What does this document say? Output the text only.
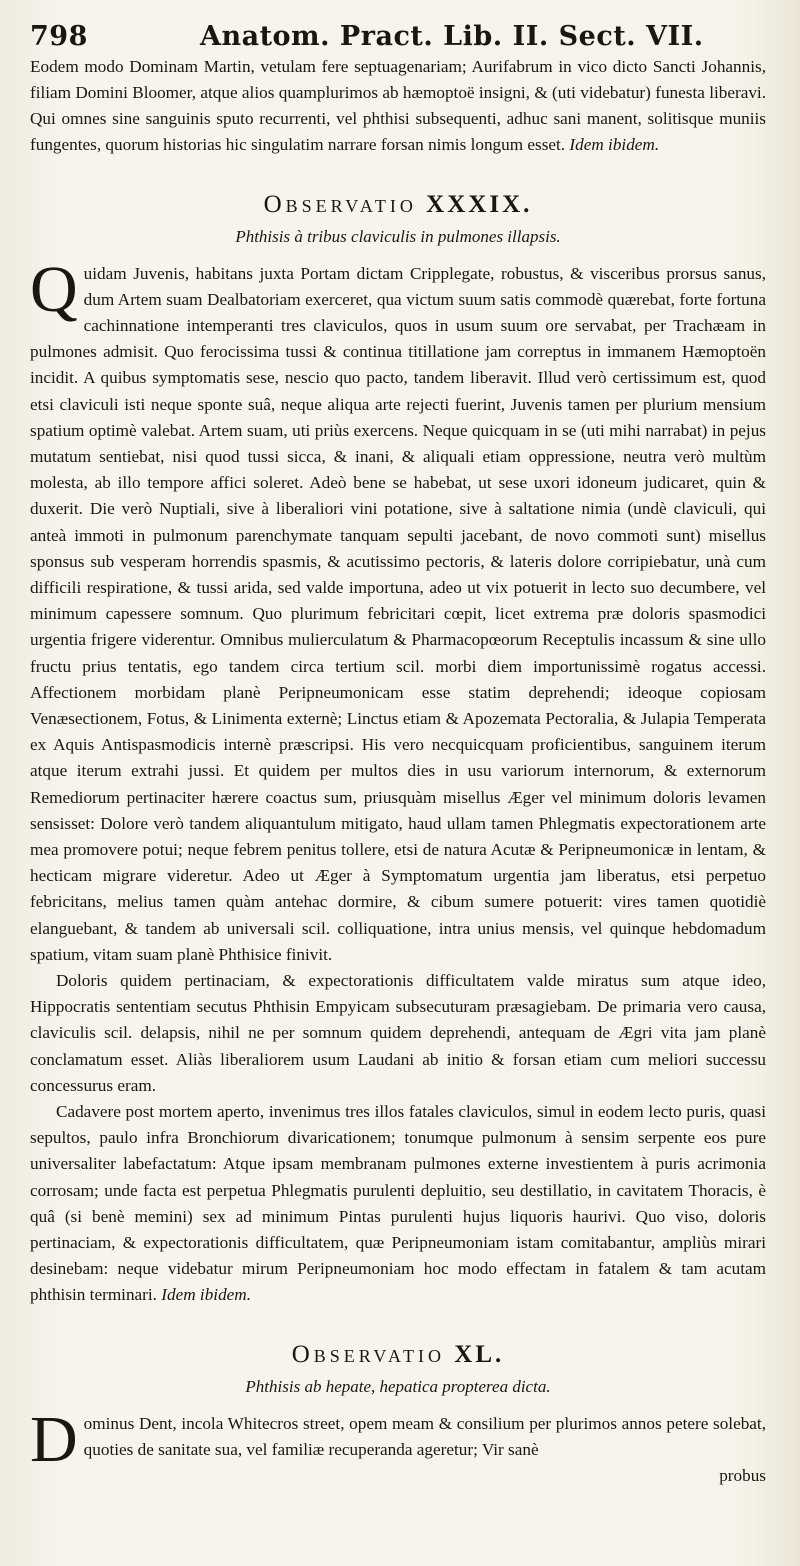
798	Anatom. Pract. Lib. II. Sect. VII.

Eodem modo Dominam Martin, vetulam fere septuagenariam; Aurifabrum in vico dicto Sancti Johannis, filiam Domini Bloomer, atque alios quamplurimos ab hæmoptoë insigni, & (uti videbatur) funesta liberavi. Qui omnes sine sanguinis sputo recurrenti, vel phthisi subsequenti, adhuc sani manent, solitisque muniis fungentes, quorum historias hic singulatim narrare forsan nimis longum esset. Idem ibidem.

Observatio XXXIX.
Phthisis à tribus claviculis in pulmones illapsis.

Quidam Juvenis, habitans juxta Portam dictam Cripplegate, robustus, & visceribus prorsus sanus, dum Artem suam Dealbatoriam exerceret, qua victum suum satis commodè quærebat, forte fortuna cachinnatione intemperanti tres claviculos, quos in usum suum ore servabat, per Trachæam in pulmones admisit. Quo ferocissima tussi & continua titillatione jam correptus in immanem Hæmoptoën incidit. A quibus symptomatis sese, nescio quo pacto, tandem liberavit. Illud verò certissimum est, quod etsi claviculi isti neque sponte suâ, neque aliqua arte rejecti fuerint, Juvenis tamen per plurium mensium spatium optimè valebat. Artem suam, uti priùs exercens. Neque quicquam in se (uti mihi narrabat) in pejus mutatum sentiebat, nisi quod tussi sicca, & inani, & aliquali etiam oppressione, neutra verò multùm molesta, ab illo tempore affici soleret. Adeò bene se habebat, ut sese uxori idoneum judicaret, quin & duxerit. Die verò Nuptiali, sive à liberaliori vini potatione, sive à saltatione nimia (undè claviculi, qui anteà immoti in pulmonum parenchymate tanquam sepulti jacebant, de novo commoti sunt) misellus sponsus sub vesperam horrendis spasmis, & acutissimo pectoris, & lateris dolore corripiebatur, unà cum difficili respiratione, & tussi arida, sed valde importuna, adeo ut vix potuerit in lecto suo decumbere, vel minimum capessere somnum. Quo plurimum febricitari cœpit, licet extrema præ doloris spasmodici urgentia frigere viderentur. Omnibus mulierculatum & Pharmacopœorum Receptulis incassum & sine ullo fructu prius tentatis, ego tandem circa tertium scil. morbi diem importunissimè rogatus accessi. Affectionem morbidam planè Peripneumonicam esse statim deprehendi; ideoque copiosam Venæsectionem, Fotus, & Linimenta externè; Linctus etiam & Apozemata Pectoralia, & Julapia Temperata ex Aquis Antispasmodicis internè præscripsi. His vero necquicquam proficientibus, sanguinem iterum atque iterum extrahi jussi. Et quidem per multos dies in usu variorum internorum, & externorum Remediorum pertinaciter hærere coactus sum, priusquàm misellus Æger vel minimum doloris levamen sensisset: Dolore verò tandem aliquantulum mitigato, haud ullam tamen Phlegmatis expectorationem arte mea promovere potui; neque febrem penitus tollere, etsi de natura Acutæ & Peripneumonicæ in lentam, & hecticam migrare videretur. Adeo ut Æger à Symptomatum urgentia jam liberatus, etsi perpetuo febricitans, melius tamen quàm antehac dormire, & cibum sumere potuerit: vires tamen quotidiè elanguebant, & tandem ab universali scil. colliquatione, intra unius mensis, vel quinque hebdomadum spatium, vitam suam planè Phthisice finivit.

Doloris quidem pertinaciam, & expectorationis difficultatem valde miratus sum atque ideo, Hippocratis sententiam secutus Phthisin Empyicam subsecuturam præsagiebam. De primaria vero causa, claviculis scil. delapsis, nihil ne per somnum quidem deprehendi, antequam de Ægri vita jam planè conclamatum esset. Aliàs liberaliorem usum Laudani ab initio & forsan etiam cum meliori successu concessurus eram.

Cadavere post mortem aperto, invenimus tres illos fatales claviculos, simul in eodem lecto puris, quasi sepultos, paulo infra Bronchiorum divaricationem; tonumque pulmonum à sensim serpente eos pure universaliter labefactatum: Atque ipsam membranam pulmones externe investientem à puris acrimonia corrosam; unde facta est perpetua Phlegmatis purulenti depluitio, seu destillatio, in cavitatem Thoracis, è quâ (si benè memini) sex ad minimum Pintas purulenti hujus liquoris haurivi. Quo viso, doloris pertinaciam, & expectorationis difficultatem, quæ Peripneumoniam istam comitabantur, ampliùs mirari desinebam: neque videbatur mirum Peripneumoniam hoc modo effectam in fatalem & tam acutam phthisin terminari. Idem ibidem.

Observatio XL.
Phthisis ab hepate, hepatica propterea dicta.

Dominus Dent, incola Whitecros street, opem meam & consilium per plurimos annos petere solebat, quoties de sanitate sua, vel familiæ recuperanda ageretur; Vir sanè

probus
